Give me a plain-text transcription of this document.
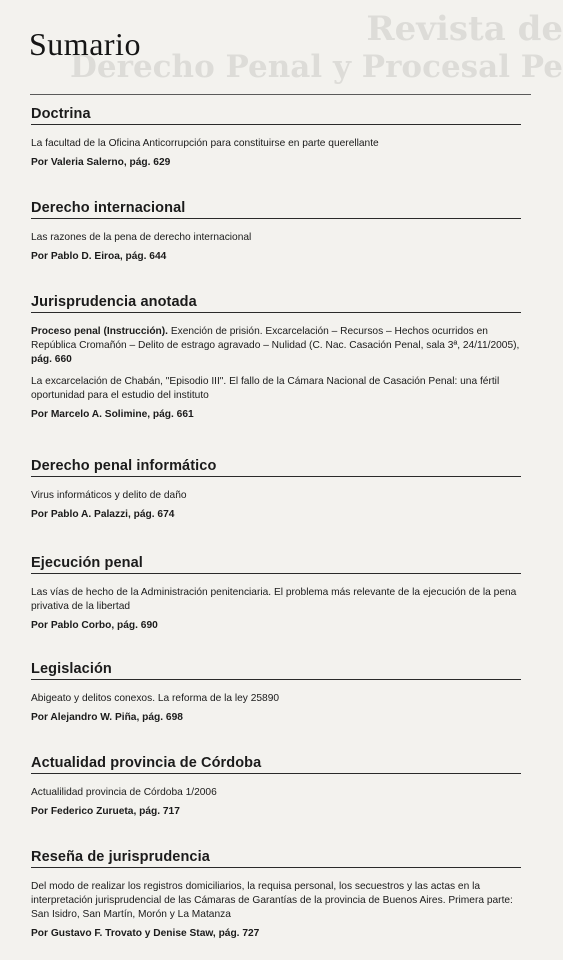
Revista de
Derecho Penal y Procesal Pe
Sumario
Doctrina

La facultad de la Oficina Anticorrupción para constituirse en parte querellante

Por Valeria Salerno, pág. 629

Derecho internacional

Las razones de la pena de derecho internacional

Por Pablo D. Eiroa, pág. 644

Jurisprudencia anotada

Proceso penal (Instrucción). Exención de prisión. Excarcelación – Recursos – Hechos ocurridos en República Cromañón – Delito de estrago agravado – Nulidad (C. Nac. Casación Penal, sala 3ª, 24/11/2005), pág. 660

La excarcelación de Chabán, "Episodio III". El fallo de la Cámara Nacional de Casación Penal: una fértil oportunidad para el estudio del instituto

Por Marcelo A. Solimine, pág. 661

Derecho penal informático

Virus informáticos y delito de daño

Por Pablo A. Palazzi, pág. 674

Ejecución penal

Las vías de hecho de la Administración penitenciaria. El problema más relevante de la ejecución de la pena privativa de la libertad

Por Pablo Corbo, pág. 690

Legislación

Abigeato y delitos conexos. La reforma de la ley 25890

Por Alejandro W. Piña, pág. 698

Actualidad provincia de Córdoba

Actualilidad provincia de Córdoba 1/2006

Por Federico Zurueta, pág. 717

Reseña de jurisprudencia

Del modo de realizar los registros domiciliarios, la requisa personal, los secuestros y las actas en la interpretación jurisprudencial de las Cámaras de Garantías de la provincia de Buenos Aires. Primera parte: San Isidro, San Martín, Morón y La Matanza

Por Gustavo F. Trovato y Denise Staw, pág. 727
